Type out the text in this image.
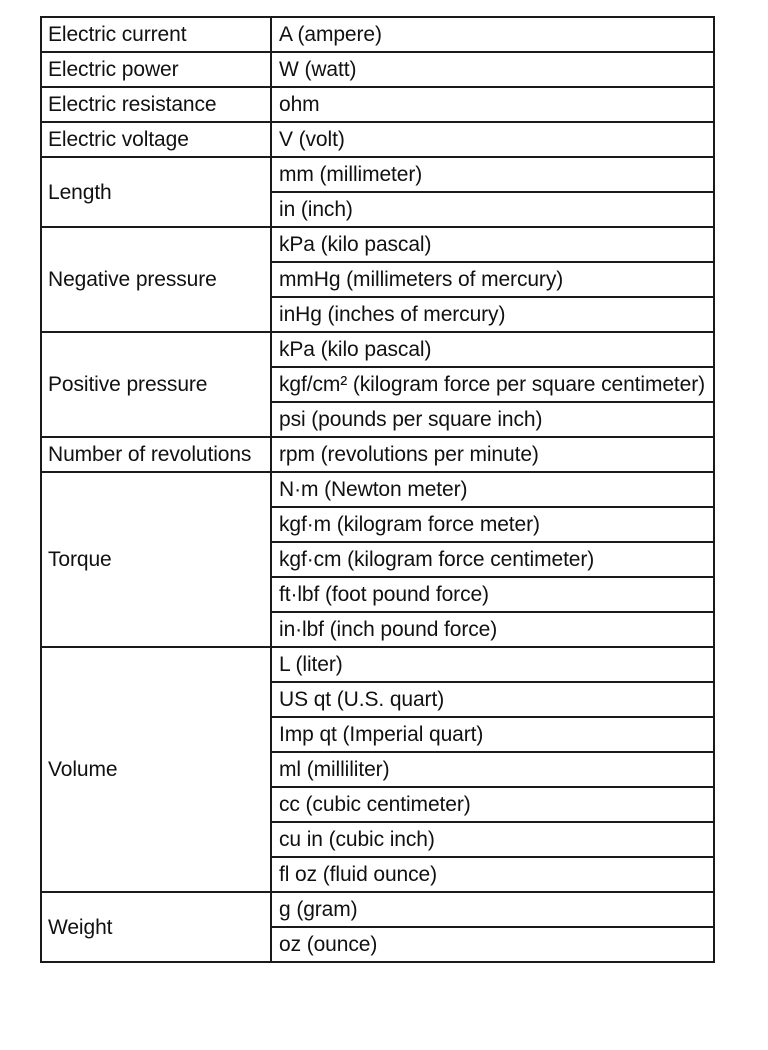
Electric current	A (ampere)
Electric power	W (watt)
Electric resistance	ohm
Electric voltage	V (volt)
Length	mm (millimeter)
	in (inch)
Negative pressure	kPa (kilo pascal)
	mmHg (millimeters of mercury)
	inHg (inches of mercury)
Positive pressure	kPa (kilo pascal)
	kgf/cm² (kilogram force per square centimeter)
	psi (pounds per square inch)
Number of revolutions	rpm (revolutions per minute)
Torque	N·m (Newton meter)
	kgf·m (kilogram force meter)
	kgf·cm (kilogram force centimeter)
	ft·lbf (foot pound force)
	in·lbf (inch pound force)
Volume	L (liter)
	US qt (U.S. quart)
	Imp qt (Imperial quart)
	ml (milliliter)
	cc (cubic centimeter)
	cu in (cubic inch)
	fl oz (fluid ounce)
Weight	g (gram)
	oz (ounce)
